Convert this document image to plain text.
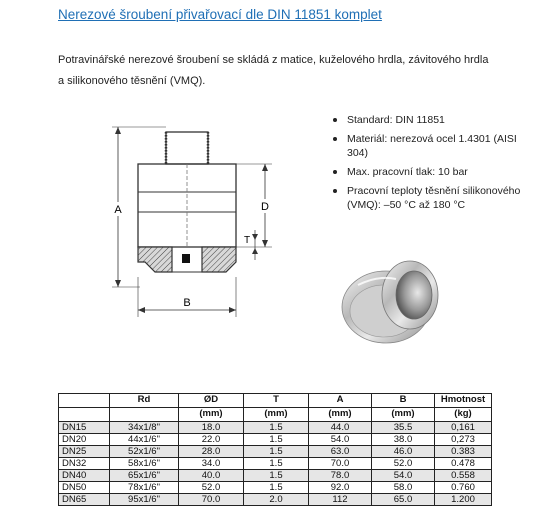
Nerezové šroubení přivařovací dle DIN 11851 komplet
Potravinářské nerezové šroubení se skládá z matice, kuželového hrdla, závitového hrdla
a silikonového těsnění (VMQ).
A	D
T
B
Standard: DIN 11851
Materiál: nerezová ocel 1.4301 (AISI 304)
Max. pracovní tlak: 10 bar
Pracovní teploty těsnění silikonového (VMQ): –50 °C až 180 °C
	Rd	ØD	T	A	B	Hmotnost
		(mm)	(mm)	(mm)	(mm)	(kg)
DN15	34x1/8"	18.0	1.5	44.0	35.5	0,161
DN20	44x1/6"	22.0	1.5	54.0	38.0	0,273
DN25	52x1/6"	28.0	1.5	63.0	46.0	0.383
DN32	58x1/6"	34.0	1.5	70.0	52.0	0.478
DN40	65x1/6"	40.0	1.5	78.0	54.0	0.558
DN50	78x1/6"	52.0	1.5	92.0	58.0	0.760
DN65	95x1/6"	70.0	2.0	112	65.0	1.200
